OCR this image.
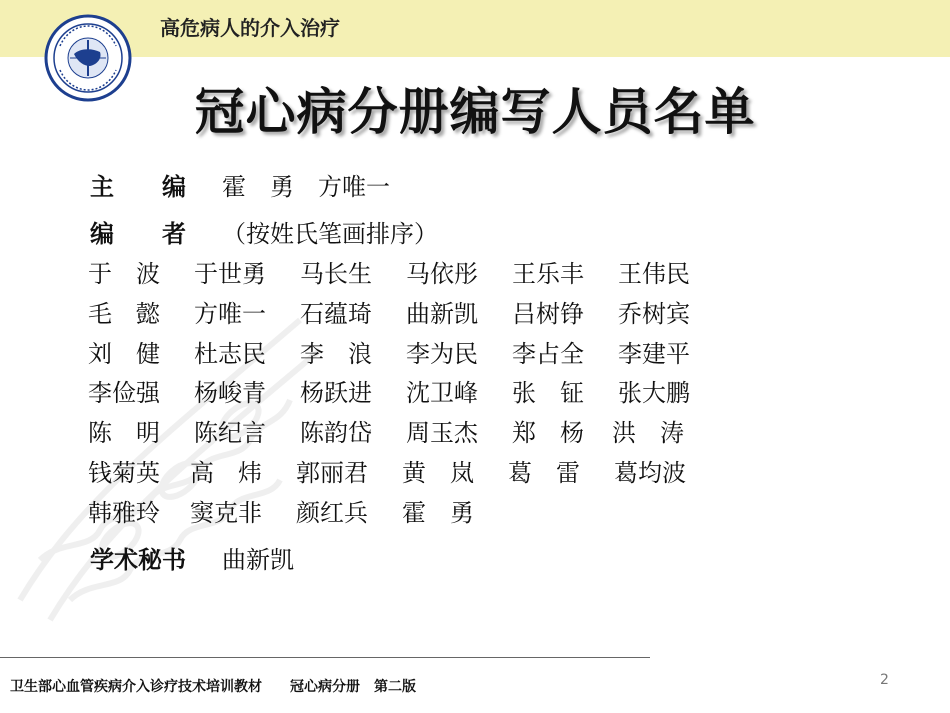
高危病人的介入治疗
冠心病分册编写人员名单
主　　编 霍　勇　方唯一
编　　者 （按姓氏笔画排序）
于　波 于世勇 马长生 马依彤 王乐丰 王伟民
毛　懿 方唯一 石蕴琦 曲新凯 吕树铮 乔树宾
刘　健 杜志民 李　浪 李为民 李占全 李建平
李俭强 杨峻青 杨跃进 沈卫峰 张　钲 张大鹏
陈　明 陈纪言 陈韵岱 周玉杰 郑　杨 洪　涛
钱菊英 高　炜 郭丽君 黄　岚 葛　雷 葛均波
韩雅玲 窦克非 颜红兵 霍　勇
学术秘书 曲新凯
卫生部心血管疾病介入诊疗技术培训教材　　冠心病分册　第二版	2
